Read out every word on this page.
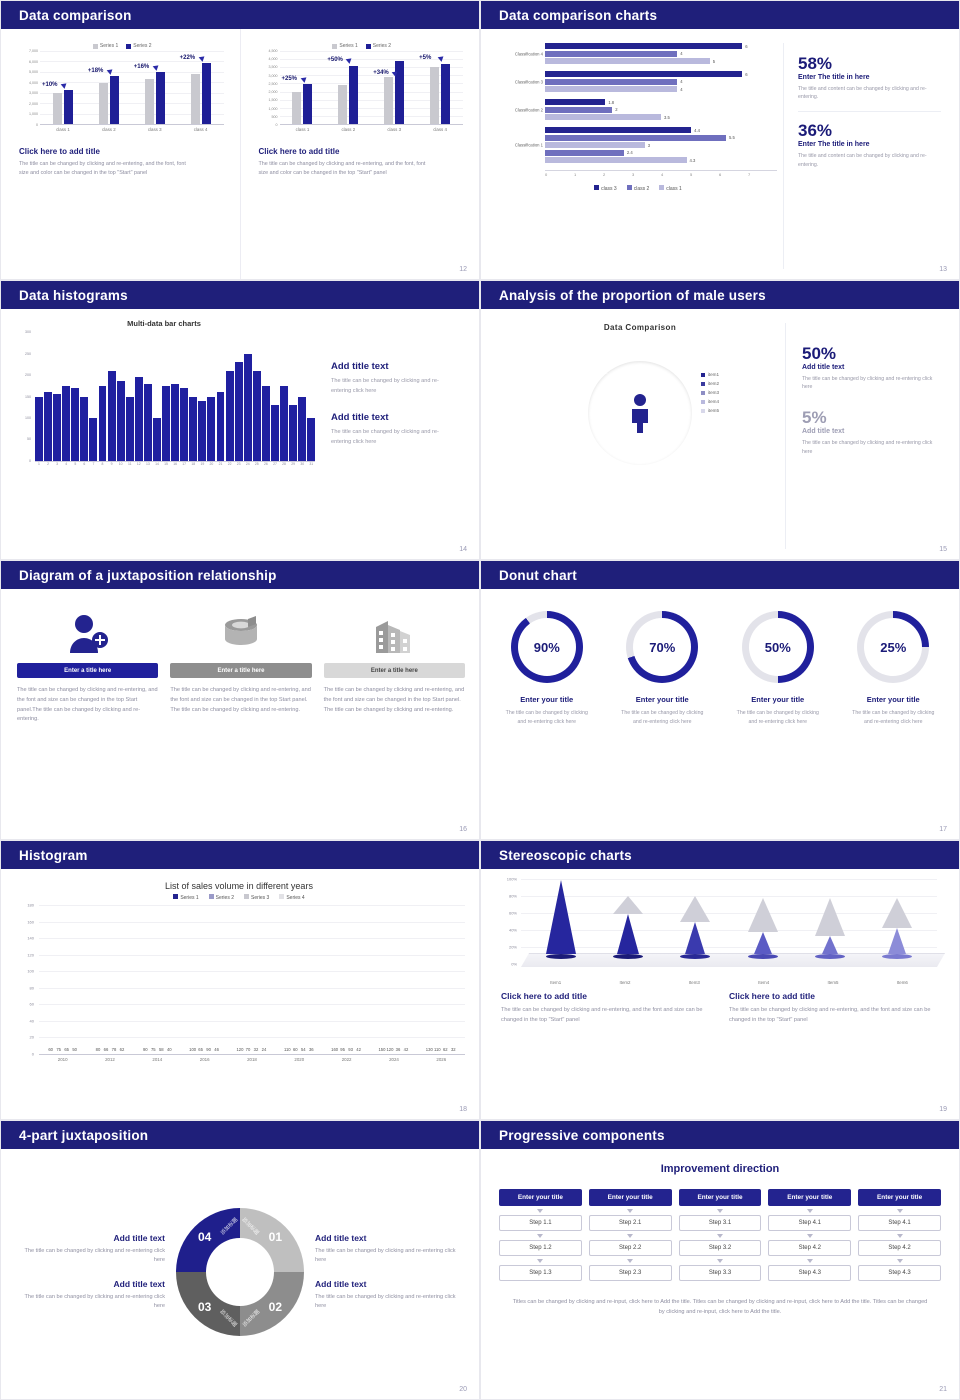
Data comparison
Series 1	Series 2
7,000
6,000
5,000
4,000
3,000
2,000
1,000
0
+10%
+18%
+16%
+22%
class 1	class 2	class 3	class 4
Click here to add title
The title can be changed by clicking and re-entering, and the font, font size and color can be changed in the top "Start" panel
Series 1	Series 2
4,500
4,000
3,500
3,000
2,500
2,000
1,500
1,000
500
0
+25%
+50%
+34%
+5%
class 1	class 2	class 3	class 4
Click here to add title
The title can be changed by clicking and re-entering, and the font, font size and color can be changed in the top "Start" panel
12
Data comparison charts
Classification 4
6
4
5
Classification 3
6
4
4
Classification 2
1.8
2
3.5
Classification 1
4.4
5.5
3
2.4
4.3
0	1	2	3	4	5	6	7
class 3	class 2	class 1
58%
Enter The title in here
The title and content can be changed by clicking and re-entering.
36%
Enter The title in here
The title and content can be changed by clicking and re-entering.
13
Data histograms
Multi-data bar charts
300
250
200
150
100
50
0
1	2	3	4	5	6	7	8	9	10	11	12	13	14	15	16	17	18	19	20	21	22	23	24	25	26	27	28	29	30	31
Add title text
The title can be changed by clicking and re-entering click here
Add title text
The title can be changed by clicking and re-entering click here
14
Analysis of the proportion of male users
Data Comparison
12
10
30
50
item1
item2
item3
item4
item5
50%
Add title text
The title can be changed by clicking and re-entering click here
5%
Add title text
The title can be changed by clicking and re-entering click here
15
Diagram of a juxtaposition relationship
Enter a title here
The title can be changed by clicking and re-entering, and the font and size can be changed in the top Start panel.The title can be changed by clicking and re-entering.
Enter a title here
The title can be changed by clicking and re-entering, and the font and size can be changed in the top Start panel. The title can be changed by clicking and re-entering.
Enter a title here
The title can be changed by clicking and re-entering, and the font and size can be changed in the top Start panel. The title can be changed by clicking and re-entering.
16
Donut chart
90%
Enter your title
The title can be changed by clicking and re-entering click here
70%
Enter your title
The title can be changed by clicking and re-entering click here
50%
Enter your title
The title can be changed by clicking and re-entering click here
25%
Enter your title
The title can be changed by clicking and re-entering click here
17
Histogram
List of sales volume in different years
Series 1	Series 2	Series 3	Series 4
180
160
140
120
100
80
60
40
20
0
60 75 65 50	80 66 78 62	90 75 58 40	100 65 90 46	120 70 32 24	110 60 54 36	160 95 93 42	150 120 36 42	130 110 62 32
2010	2012	2014	2016	2018	2020	2022	2024	2026
18
Stereoscopic charts
100%
80%
60%
40%
20%
0%
Item1	Item2	Item3	Item4	Item5	Item6
Click here to add title
The title can be changed by clicking and re-entering, and the font and size can be changed in the top "Start" panel
Click here to add title
The title can be changed by clicking and re-entering, and the font and size can be changed in the top "Start" panel
19
4-part juxtaposition
Add title text
The title can be changed by clicking and re-entering click here
Add title text
The title can be changed by clicking and re-entering click here
01
02
03
04
添加标题
添加标题
添加标题
添加标题
Add title text
The title can be changed by clicking and re-entering click here
Add title text
The title can be changed by clicking and re-entering click here
20
Progressive components
Improvement direction
Enter your title
Step 1.1
Step 1.2
Step 1.3
Enter your title
Step 2.1
Step 2.2
Step 2.3
Enter your title
Step 3.1
Step 3.2
Step 3.3
Enter your title
Step 4.1
Step 4.2
Step 4.3
Enter your title
Step 4.1
Step 4.2
Step 4.3
Titles can be changed by clicking and re-input, click here to Add the title. Titles can be changed by clicking and re-input, click here to Add the title. Titles can be changed by clicking and re-input, click here to Add the title.
21
